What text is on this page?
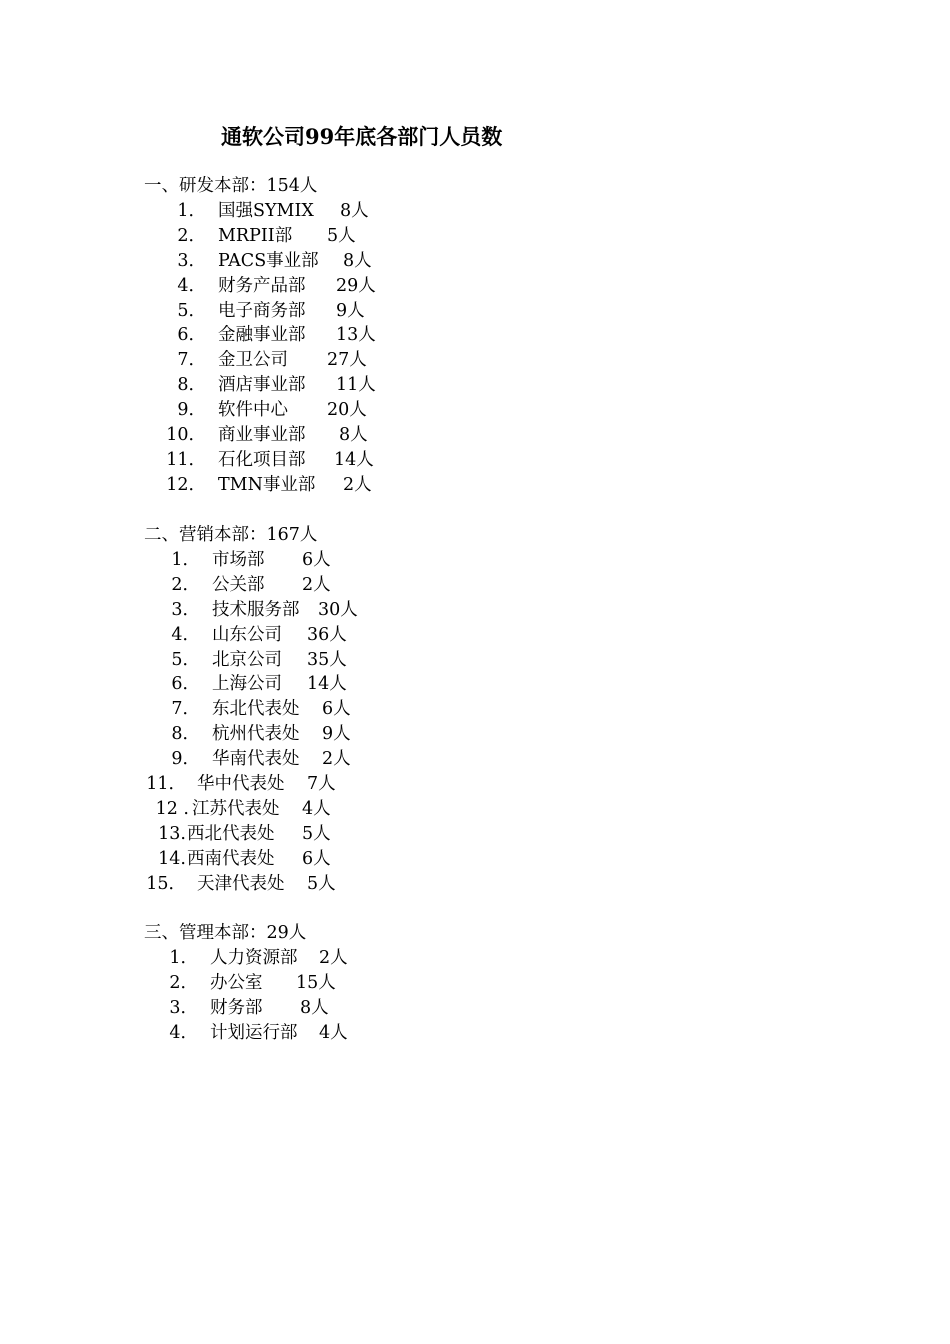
通软公司99年底各部门人员数
一、研发本部：154人
1． 国强SYMIX 8人
2． MRPII部 5人
3． PACS事业部 8人
4． 财务产品部 29人
5． 电子商务部 9人
6． 金融事业部 13人
7． 金卫公司 27人
8． 酒店事业部 11人
9． 软件中心 20人
10． 商业事业部 8人
11． 石化项目部 14人
12． TMN事业部 2人
二、营销本部：167人
1． 市场部 6人
2． 公关部 2人
3． 技术服务部 30人
4． 山东公司 36人
5． 北京公司 35人
6． 上海公司 14人
7． 东北代表处 6人
8． 杭州代表处 9人
9． 华南代表处 2人
11． 华中代表处 7人
12 . 江苏代表处 4人
13. 西北代表处 5人
14. 西南代表处 6人
15． 天津代表处 5人
三、管理本部：29人
1． 人力资源部 2人
2． 办公室 15人
3． 财务部 8人
4． 计划运行部 4人
